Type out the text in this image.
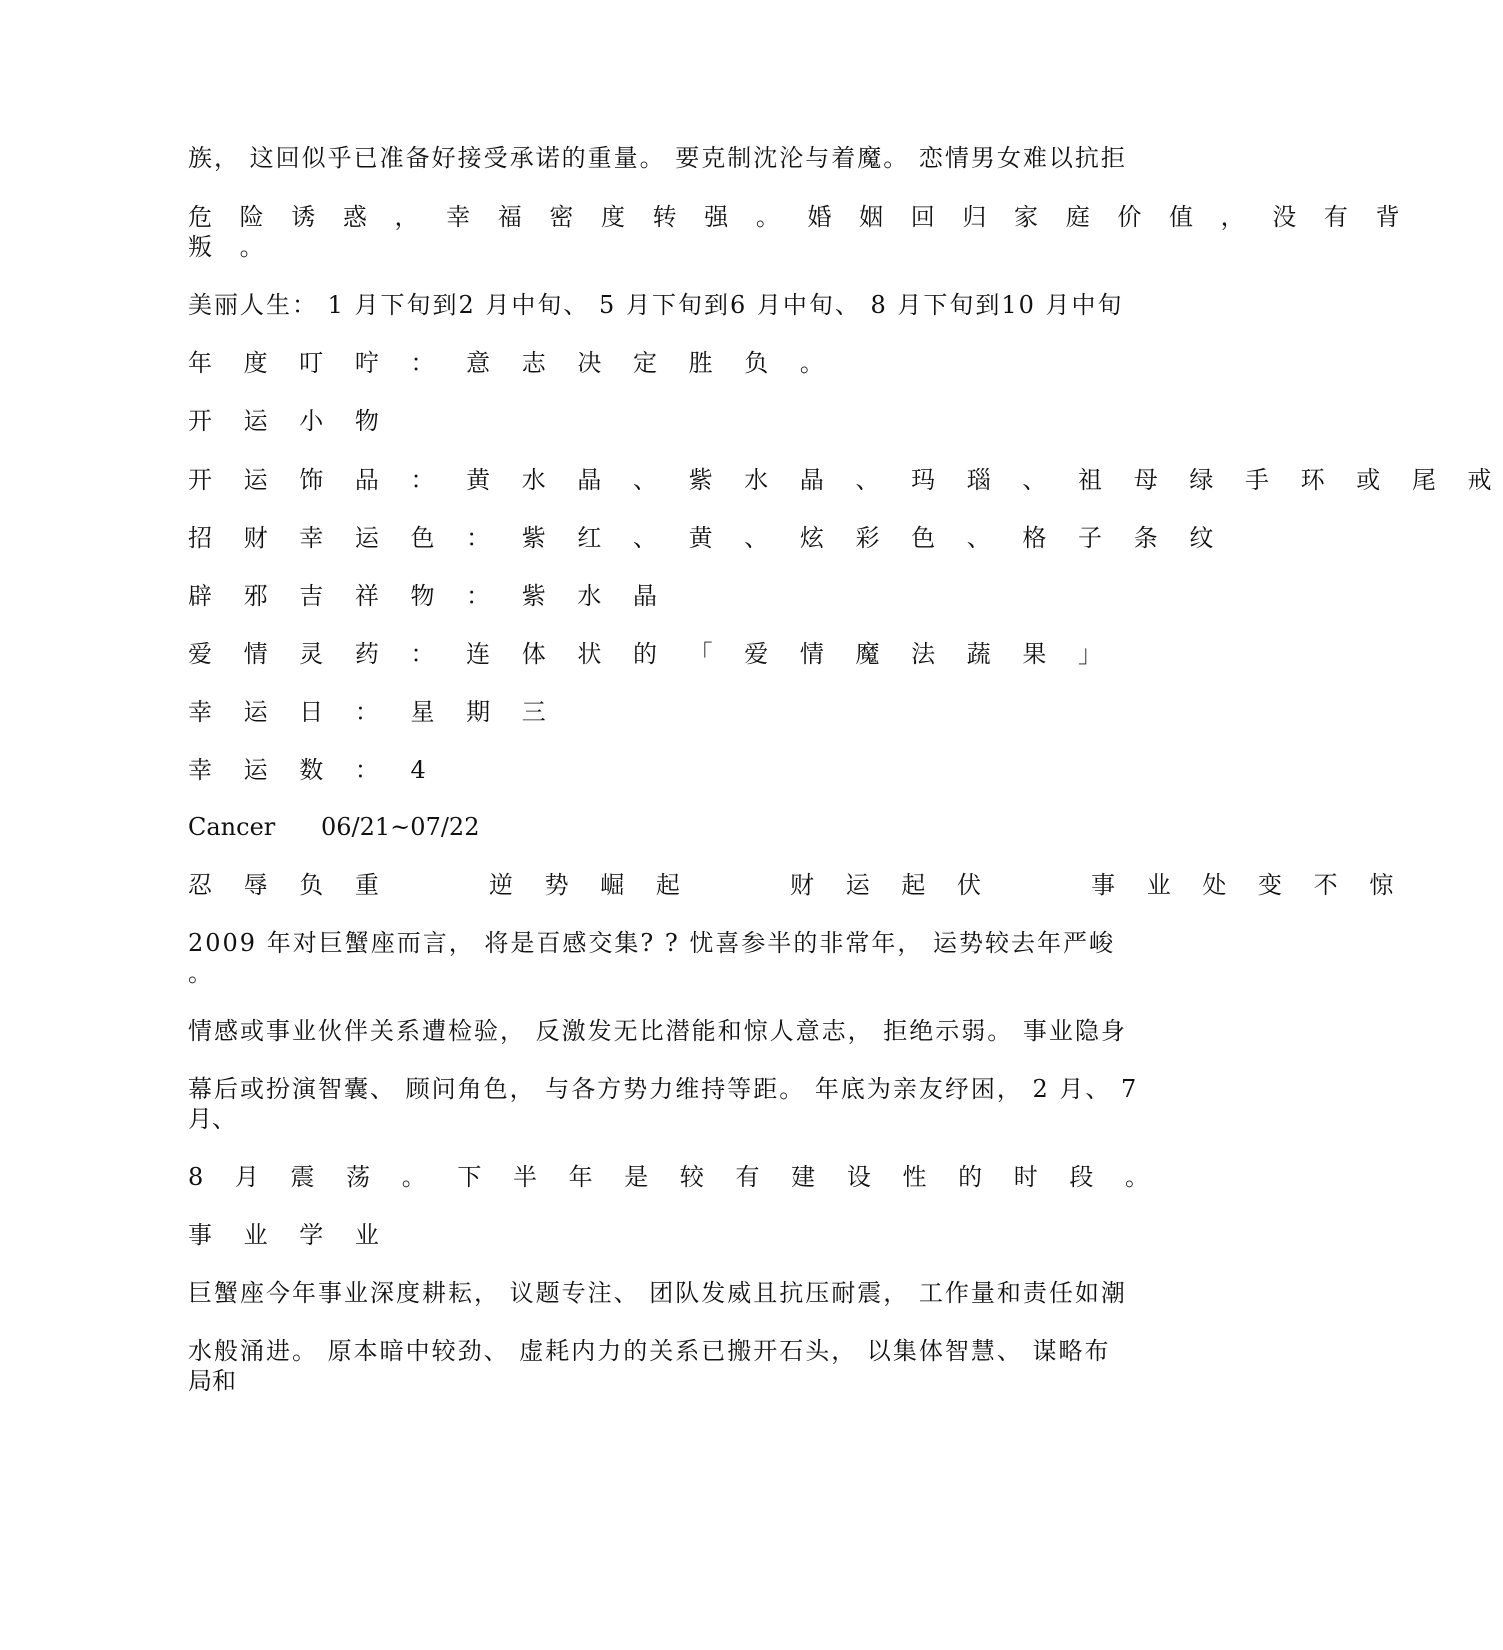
族， 这回似乎已准备好接受承诺的重量。 要克制沈沦与着魔。 恋情男女难以抗拒
危 险 诱 惑 ， 幸 福 密 度 转 强 。 婚 姻 回 归 家 庭 价 值 ， 没 有 背
叛 。
美丽人生： 1 月下旬到2 月中旬、 5 月下旬到6 月中旬、 8 月下旬到10 月中旬
年 度 叮 咛 ： 意 志 决 定 胜 负 。
开 运 小 物
开 运 饰 品 ： 黄 水 晶 、 紫 水 晶 、 玛 瑙 、 祖 母 绿 手 环 或 尾 戒
招 财 幸 运 色 ： 紫 红 、 黄 、 炫 彩 色 、 格 子 条 纹
辟 邪 吉 祥 物 ： 紫 水 晶
爱 情 灵 药 ： 连 体 状 的 「 爱 情 魔 法 蔬 果 」
幸 运 日 ： 星 期 三
幸 运 数 ： 4
Cancer      06/21~07/22
忍 辱 负 重     逆 势 崛 起     财 运 起 伏     事 业 处 变 不 惊
2009 年对巨蟹座而言， 将是百感交集? ? 忧喜参半的非常年， 运势较去年严峻
。
情感或事业伙伴关系遭检验， 反激发无比潜能和惊人意志， 拒绝示弱。 事业隐身
幕后或扮演智囊、 顾问角色， 与各方势力维持等距。 年底为亲友纾困， 2 月、 7
月、
8 月 震 荡 。 下 半 年 是 较 有 建 设 性 的 时 段 。
事 业 学 业
巨蟹座今年事业深度耕耘， 议题专注、 团队发威且抗压耐震， 工作量和责任如潮
水般涌进。 原本暗中较劲、 虚耗内力的关系已搬开石头， 以集体智慧、 谋略布
局和
